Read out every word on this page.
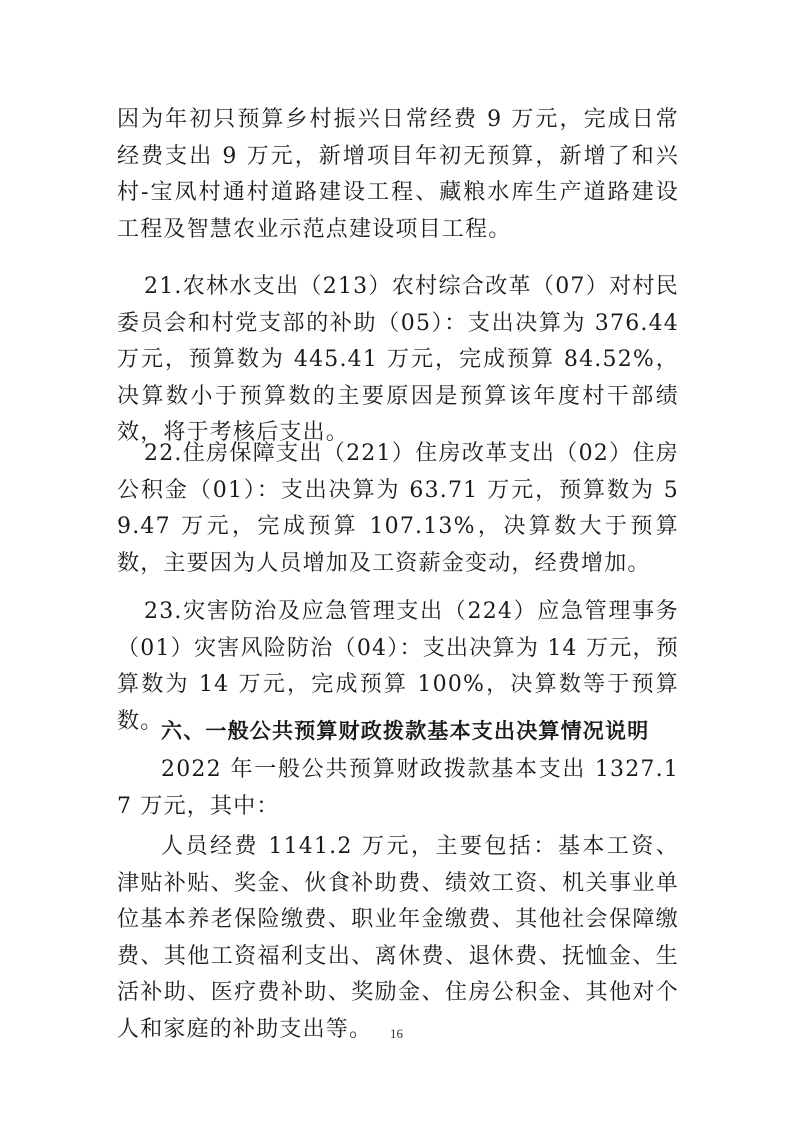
因为年初只预算乡村振兴日常经费 9 万元，完成日常经费支出 9 万元，新增项目年初无预算，新增了和兴村-宝凤村通村道路建设工程、藏粮水库生产道路建设工程及智慧农业示范点建设项目工程。

21.农林水支出（213）农村综合改革（07）对村民委员会和村党支部的补助（05）：支出决算为 376.44 万元，预算数为 445.41 万元，完成预算 84.52%，决算数小于预算数的主要原因是预算该年度村干部绩效，将于考核后支出。

22.住房保障支出（221）住房改革支出（02）住房公积金（01）：支出决算为 63.71 万元，预算数为 59.47 万元，完成预算 107.13%，决算数大于预算数，主要因为人员增加及工资薪金变动，经费增加。

23.灾害防治及应急管理支出（224）应急管理事务（01）灾害风险防治（04）：支出决算为 14 万元，预算数为 14 万元，完成预算 100%，决算数等于预算数。

六、一般公共预算财政拨款基本支出决算情况说明

2022 年一般公共预算财政拨款基本支出 1327.17 万元，其中：

人员经费 1141.2 万元，主要包括：基本工资、津贴补贴、奖金、伙食补助费、绩效工资、机关事业单位基本养老保险缴费、职业年金缴费、其他社会保障缴费、其他工资福利支出、离休费、退休费、抚恤金、生活补助、医疗费补助、奖励金、住房公积金、其他对个人和家庭的补助支出等。	16
